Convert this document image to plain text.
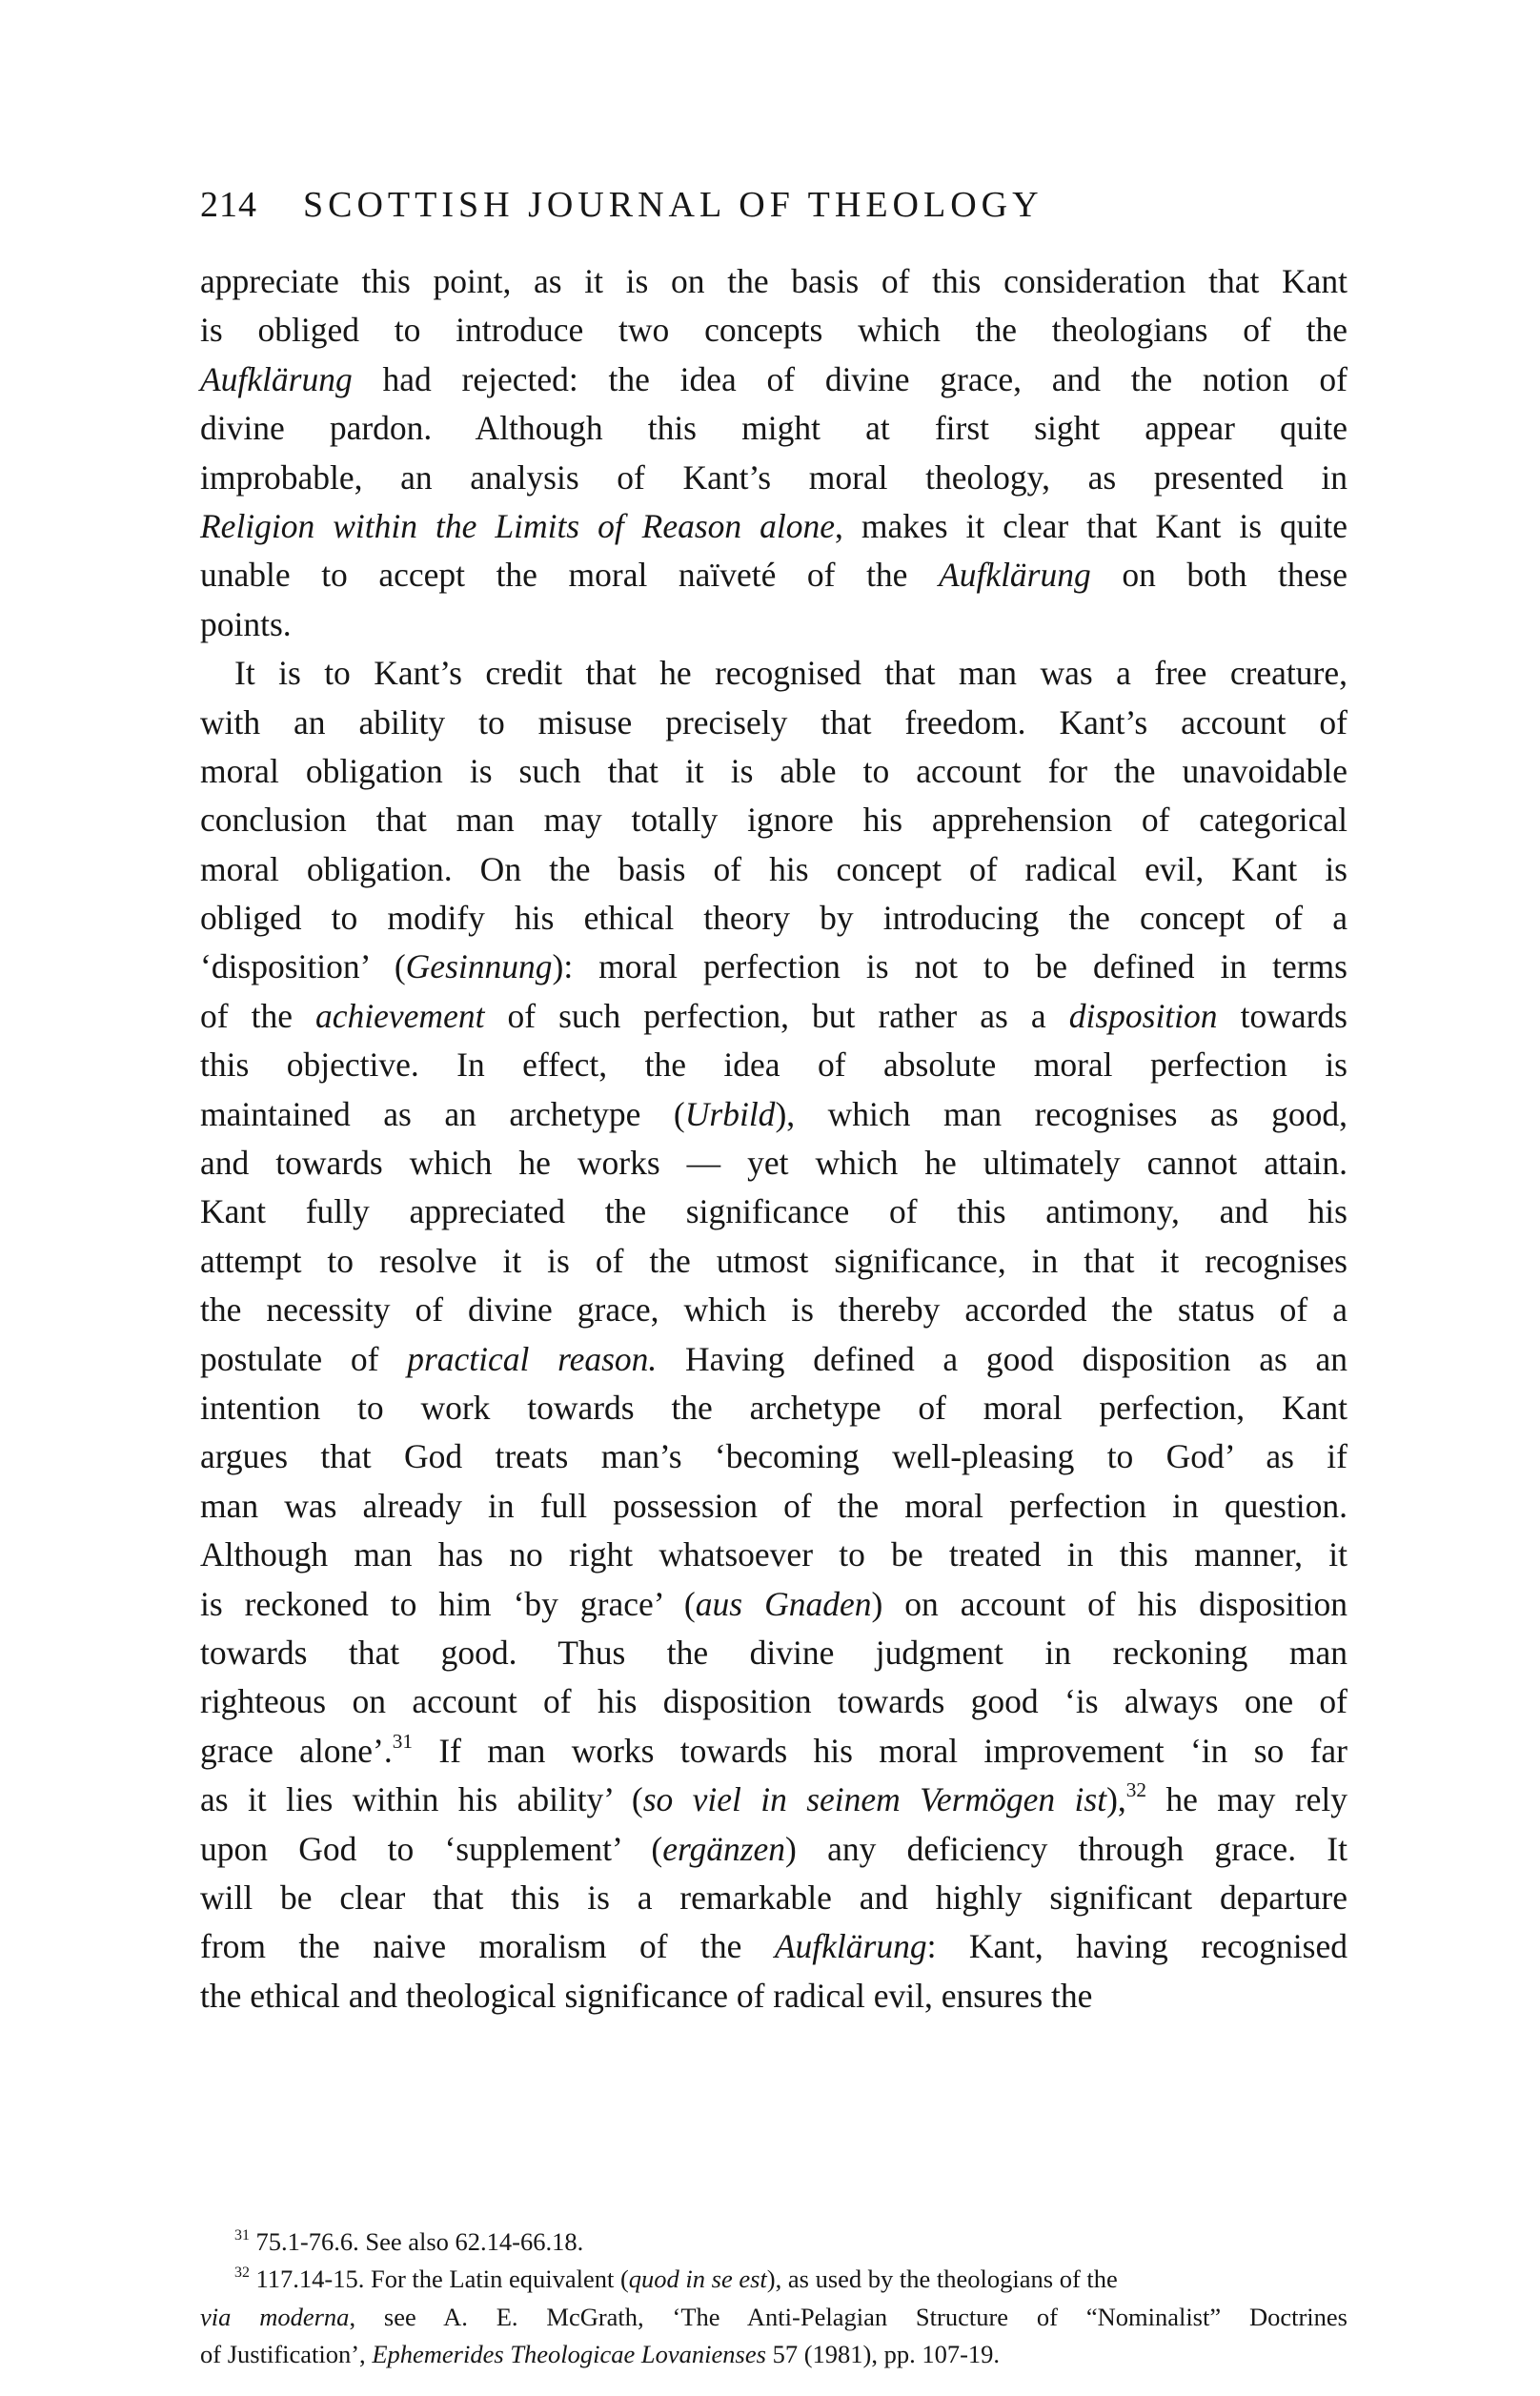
214 SCOTTISH JOURNAL OF THEOLOGY
appreciate this point, as it is on the basis of this consideration that Kant
is obliged to introduce two concepts which the theologians of the
Aufklärung had rejected: the idea of divine grace, and the notion of
divine pardon. Although this might at first sight appear quite
improbable, an analysis of Kant’s moral theology, as presented in
Religion within the Limits of Reason alone, makes it clear that Kant is quite
unable to accept the moral naïveté of the Aufklärung on both these
points.
It is to Kant’s credit that he recognised that man was a free creature,
with an ability to misuse precisely that freedom. Kant’s account of
moral obligation is such that it is able to account for the unavoidable
conclusion that man may totally ignore his apprehension of categorical
moral obligation. On the basis of his concept of radical evil, Kant is
obliged to modify his ethical theory by introducing the concept of a
‘disposition’ (Gesinnung): moral perfection is not to be defined in terms
of the achievement of such perfection, but rather as a disposition towards
this objective. In effect, the idea of absolute moral perfection is
maintained as an archetype (Urbild), which man recognises as good,
and towards which he works — yet which he ultimately cannot attain.
Kant fully appreciated the significance of this antimony, and his
attempt to resolve it is of the utmost significance, in that it recognises
the necessity of divine grace, which is thereby accorded the status of a
postulate of practical reason. Having defined a good disposition as an
intention to work towards the archetype of moral perfection, Kant
argues that God treats man’s ‘becoming well-pleasing to God’ as if
man was already in full possession of the moral perfection in question.
Although man has no right whatsoever to be treated in this manner, it
is reckoned to him ‘by grace’ (aus Gnaden) on account of his disposition
towards that good. Thus the divine judgment in reckoning man
righteous on account of his disposition towards good ‘is always one of
grace alone’.$^{31}$ If man works towards his moral improvement ‘in so far
as it lies within his ability’ (so viel in seinem Vermögen ist),$^{32}$ he may rely
upon God to ‘supplement’ (ergänzen) any deficiency through grace. It
will be clear that this is a remarkable and highly significant departure
from the naive moralism of the Aufklärung: Kant, having recognised
the ethical and theological significance of radical evil, ensures the
$^{31}$ 75.1-76.6. See also 62.14-66.18.
$^{32}$ 117.14-15. For the Latin equivalent (quod in se est), as used by the theologians of the
via moderna, see A. E. McGrath, ‘The Anti-Pelagian Structure of “Nominalist” Doctrines
of Justification’, Ephemerides Theologicae Lovanienses 57 (1981), pp. 107-19.
